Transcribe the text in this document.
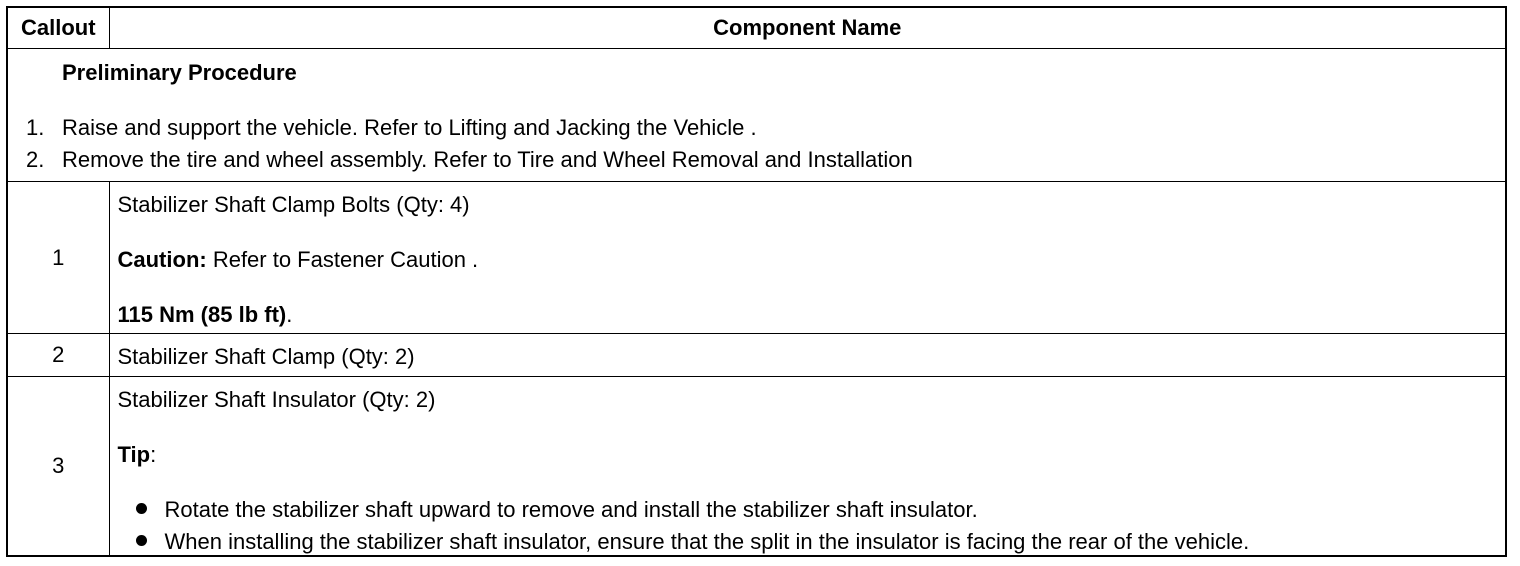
Callout	Component Name

Preliminary Procedure
1. Raise and support the vehicle. Refer to Lifting and Jacking the Vehicle .
2. Remove the tire and wheel assembly. Refer to Tire and Wheel Removal and Installation	

1	Stabilizer Shaft Clamp Bolts (Qty: 4)
Caution: Refer to Fastener Caution .
115 Nm (85 lb ft).

2	Stabilizer Shaft Clamp (Qty: 2)

3	Stabilizer Shaft Insulator (Qty: 2)
Tip:
Rotate the stabilizer shaft upward to remove and install the stabilizer shaft insulator.
When installing the stabilizer shaft insulator, ensure that the split in the insulator is facing the rear of the vehicle.
